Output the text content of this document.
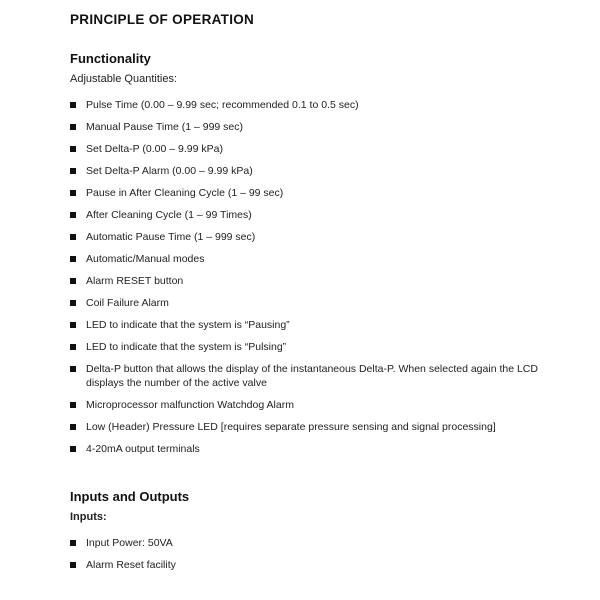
PRINCIPLE OF OPERATION
Functionality

Adjustable Quantities:

Pulse Time (0.00 – 9.99 sec; recommended 0.1 to 0.5 sec)
Manual Pause Time (1 – 999 sec)
Set Delta-P (0.00 – 9.99 kPa)
Set Delta-P Alarm (0.00 – 9.99 kPa)
Pause in After Cleaning Cycle (1 – 99 sec)
After Cleaning Cycle (1 – 99 Times)
Automatic Pause Time (1 – 999 sec)
Automatic/Manual modes
Alarm RESET button
Coil Failure Alarm
LED to indicate that the system is “Pausing”
LED to indicate that the system is “Pulsing”
Delta-P button that allows the display of the instantaneous Delta-P. When selected again the LCD displays the number of the active valve
Microprocessor malfunction Watchdog Alarm
Low (Header) Pressure LED [requires separate pressure sensing and signal processing]
4-20mA output terminals
Inputs and Outputs

Inputs:

Input Power: 50VA
Alarm Reset facility
